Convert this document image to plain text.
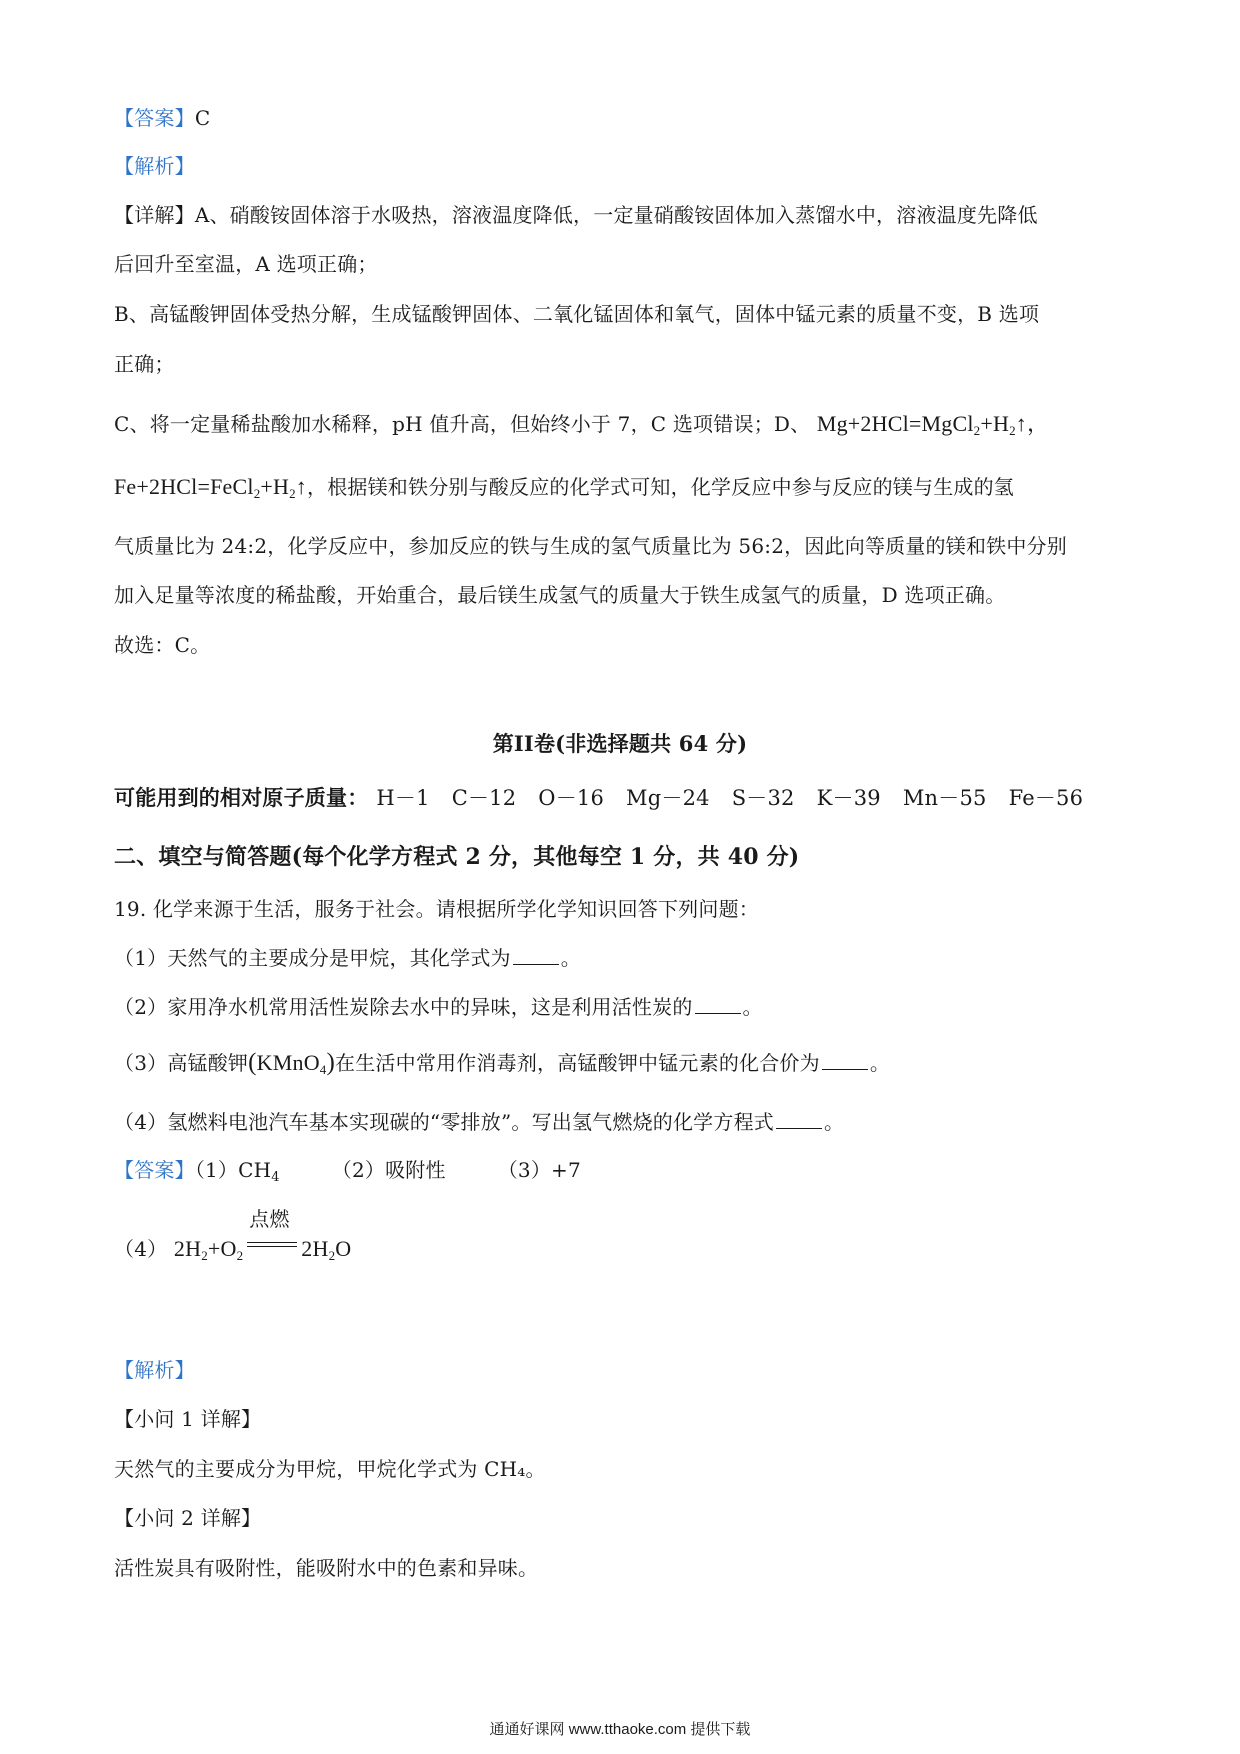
【答案】C
【解析】
【详解】A、硝酸铵固体溶于水吸热，溶液温度降低，一定量硝酸铵固体加入蒸馏水中，溶液温度先降低
后回升至室温，A 选项正确；
B、高锰酸钾固体受热分解，生成锰酸钾固体、二氧化锰固体和氧气，固体中锰元素的质量不变，B 选项
正确；
C、将一定量稀盐酸加水稀释，pH 值升高，但始终小于 7，C 选项错误；D、 $Mg+2HCl=MgCl_2+H_2↑$，
$Fe+2HCl=FeCl_2+H_2↑$，根据镁和铁分别与酸反应的化学式可知，化学反应中参与反应的镁与生成的氢
气质量比为 24:2，化学反应中，参加反应的铁与生成的氢气质量比为 56:2，因此向等质量的镁和铁中分别
加入足量等浓度的稀盐酸，开始重合，最后镁生成氢气的质量大于铁生成氢气的质量，D 选项正确。
故选：C。
第II卷(非选择题共 64 分)
可能用到的相对原子质量： H－1 C－12 O－16 Mg－24 S－32 K－39 Mn－55 Fe－56
二、填空与简答题(每个化学方程式 2 分，其他每空 1 分，共 40 分)
19. 化学来源于生活，服务于社会。请根据所学化学知识回答下列问题：
（1）天然气的主要成分是甲烷，其化学式为	。
（2）家用净水机常用活性炭除去水中的异味，这是利用活性炭的	。
（3）高锰酸钾(KMnO$_4$)在生活中常用作消毒剂，高锰酸钾中锰元素的化合价为	。
（4）氢燃料电池汽车基本实现碳的“零排放”。写出氢气燃烧的化学方程式	。
【答案】$(1)CH_4$	（2）吸附性	（3）+7
（4） $2H_2+O_2$
点燃
$2H_2O$
【解析】
【小问 1 详解】
天然气的主要成分为甲烷，甲烷化学式为 CH₄。
【小问 2 详解】
活性炭具有吸附性，能吸附水中的色素和异味。
通通好课网 www.tthaoke.com 提供下载
